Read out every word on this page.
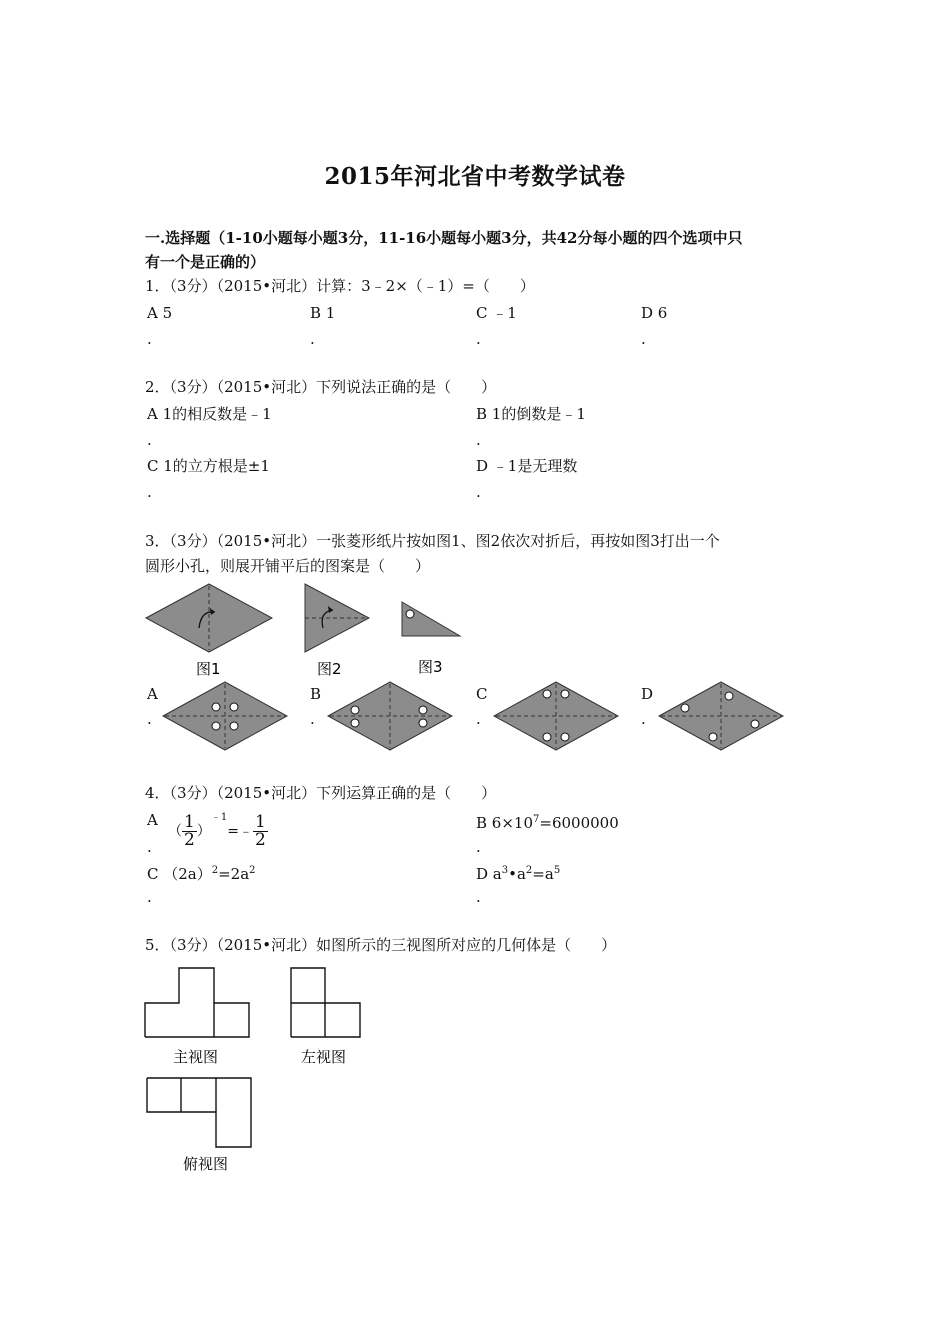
2015年河北省中考数学试卷
一.选择题（1-10小题每小题3分，11-16小题每小题3分，共42分每小题的四个选项中只
有一个是正确的）
1．（3分）（2015•河北）计算：3﹣2×（﹣1）=（　　）
A 5	B 1	C ﹣1	D 6
.	.	.	.
2．（3分）（2015•河北）下列说法正确的是（　　）
A 1的相反数是﹣1	B 1的倒数是﹣1
.	.
C 1的立方根是±1	D ﹣1是无理数
.	.
3．（3分）（2015•河北）一张菱形纸片按如图1、图2依次对折后，再按如图3打出一个
圆形小孔，则展开铺平后的图案是（　　）
图1	图2	图3
A	B	C	D
.	.	.	.
4．（3分）（2015•河北）下列运算正确的是（　　）
A
（ $\frac{1}{2}$ ）$^{﹣1}$=﹣ $\frac{1}{2}$	B $6\times 10^7=6000000$
.	.
C $(2a)^2=2a^2$	D $a^3•a^2=a^5$
.	.
5．（3分）（2015•河北）如图所示的三视图所对应的几何体是（　　）
主视图	左视图
俯视图
